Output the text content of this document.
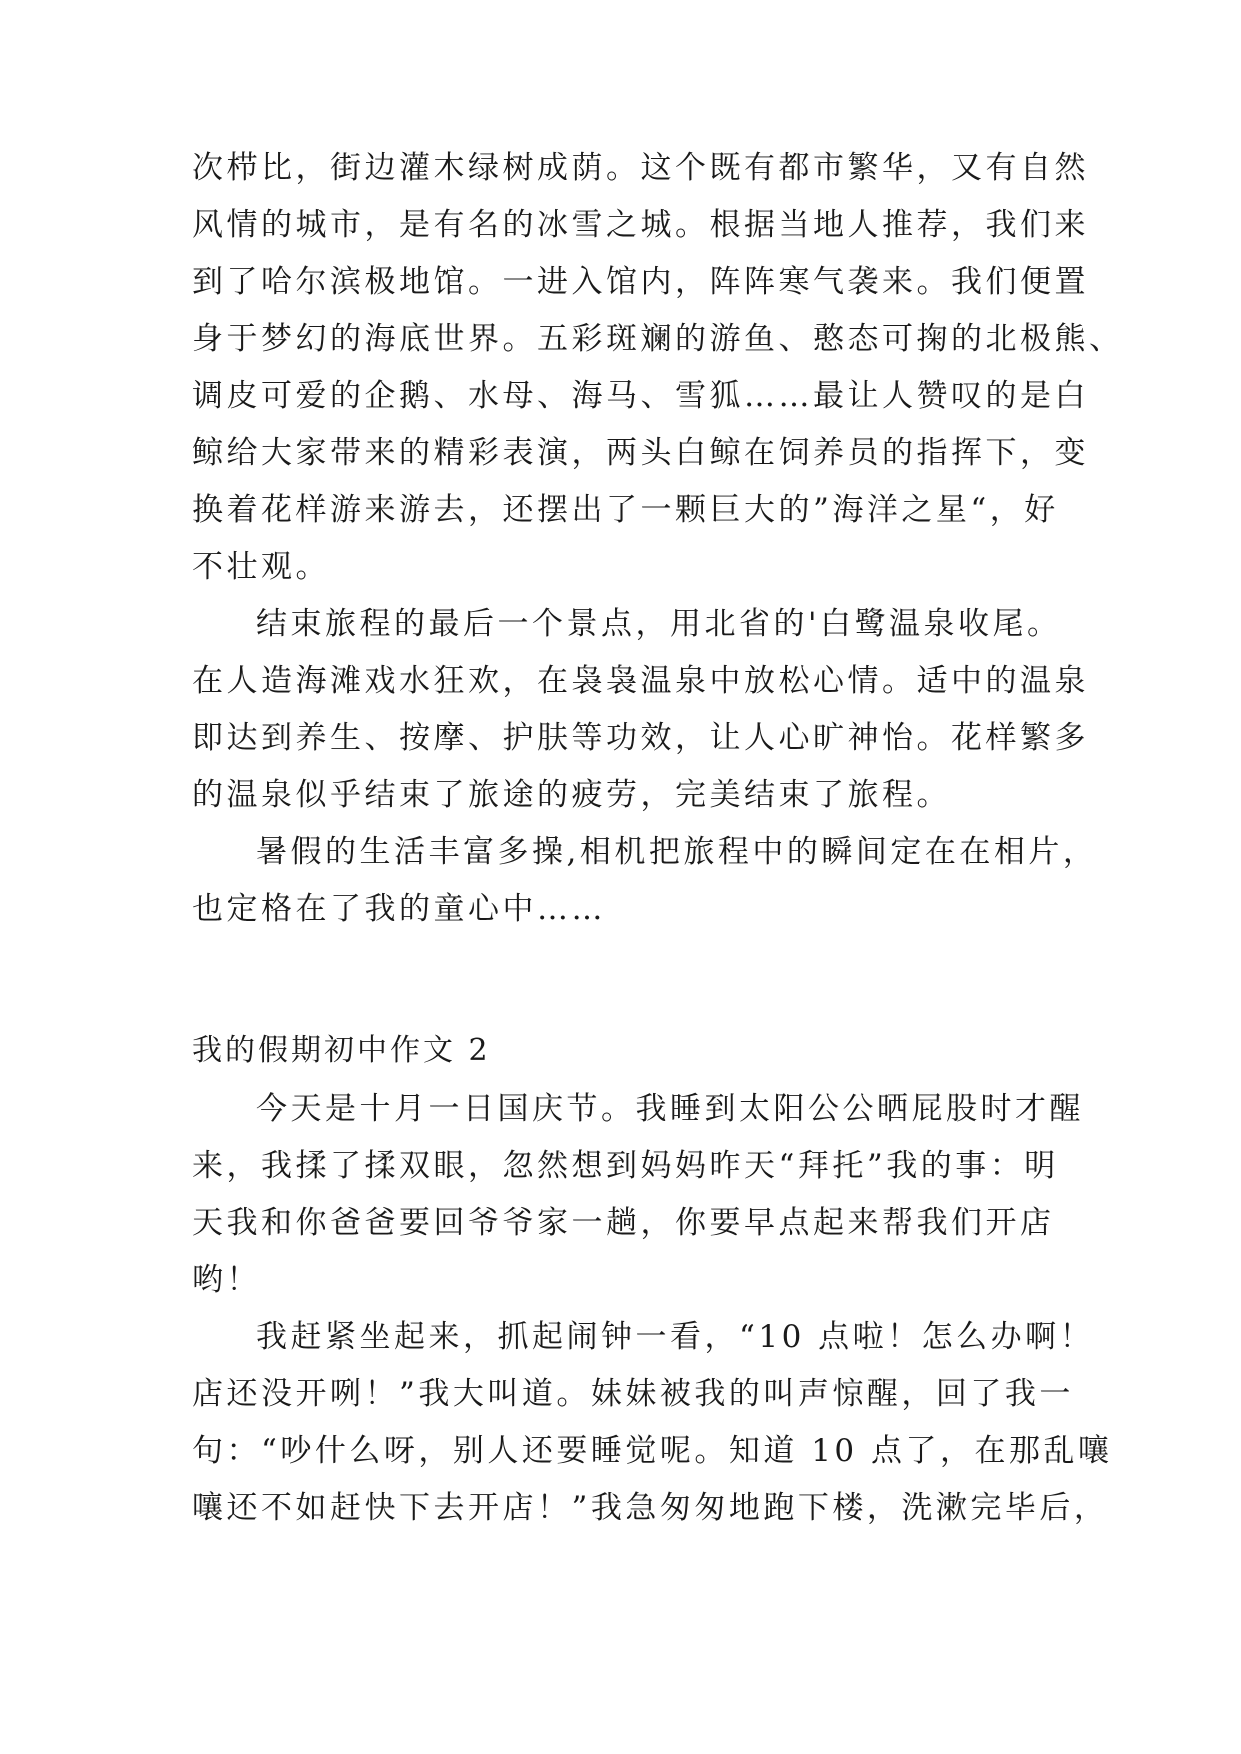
次栉比，街边灌木绿树成荫。这个既有都市繁华，又有自然
风情的城市，是有名的冰雪之城。根据当地人推荐，我们来
到了哈尔滨极地馆。一进入馆内，阵阵寒气袭来。我们便置
身于梦幻的海底世界。五彩斑斓的游鱼、憨态可掬的北极熊、
调皮可爱的企鹅、水母、海马、雪狐……最让人赞叹的是白
鲸给大家带来的精彩表演，两头白鲸在饲养员的指挥下，变
换着花样游来游去，还摆出了一颗巨大的”海洋之星“，好
不壮观。
结束旅程的最后一个景点，用北省的'白鹭温泉收尾。
在人造海滩戏水狂欢，在袅袅温泉中放松心情。适中的温泉
即达到养生、按摩、护肤等功效，让人心旷神怡。花样繁多
的温泉似乎结束了旅途的疲劳，完美结束了旅程。
暑假的生活丰富多操,相机把旅程中的瞬间定在在相片，
也定格在了我的童心中……
我的假期初中作文 2
今天是十月一日国庆节。我睡到太阳公公晒屁股时才醒
来，我揉了揉双眼，忽然想到妈妈昨天“拜托”我的事：明
天我和你爸爸要回爷爷家一趟，你要早点起来帮我们开店
哟！
我赶紧坐起来，抓起闹钟一看，“10 点啦！怎么办啊！
店还没开咧！”我大叫道。妹妹被我的叫声惊醒，回了我一
句：“吵什么呀，别人还要睡觉呢。知道 10 点了，在那乱嚷
嚷还不如赶快下去开店！”我急匆匆地跑下楼，洗漱完毕后，
